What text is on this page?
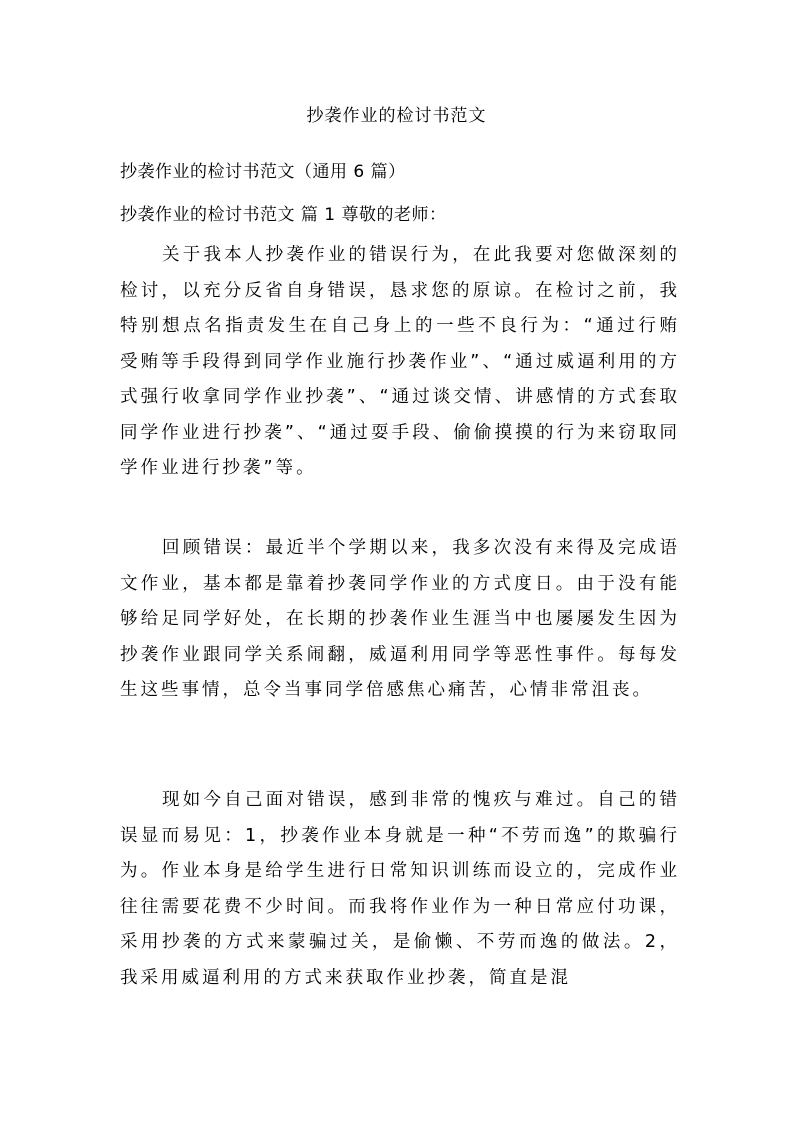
抄袭作业的检讨书范文
抄袭作业的检讨书范文（通用 6 篇）
抄袭作业的检讨书范文 篇 1 尊敬的老师：
关于我本人抄袭作业的错误行为，在此我要对您做深刻的检讨，以充分反省自身错误，恳求您的原谅。在检讨之前，我特别想点名指责发生在自己身上的一些不良行为：“通过行贿受贿等手段得到同学作业施行抄袭作业”、“通过威逼利用的方式强行收拿同学作业抄袭”、“通过谈交情、讲感情的方式套取同学作业进行抄袭”、“通过耍手段、偷偷摸摸的行为来窃取同学作业进行抄袭”等。
回顾错误：最近半个学期以来，我多次没有来得及完成语文作业，基本都是靠着抄袭同学作业的方式度日。由于没有能够给足同学好处，在长期的抄袭作业生涯当中也屡屡发生因为抄袭作业跟同学关系闹翻，威逼利用同学等恶性事件。每每发生这些事情，总令当事同学倍感焦心痛苦，心情非常沮丧。
现如今自己面对错误，感到非常的愧疚与难过。自己的错误显而易见：1，抄袭作业本身就是一种“不劳而逸”的欺骗行为。作业本身是给学生进行日常知识训练而设立的，完成作业往往需要花费不少时间。而我将作业作为一种日常应付功课，采用抄袭的方式来蒙骗过关，是偷懒、不劳而逸的做法。2，我采用威逼利用的方式来获取作业抄袭，简直是混
